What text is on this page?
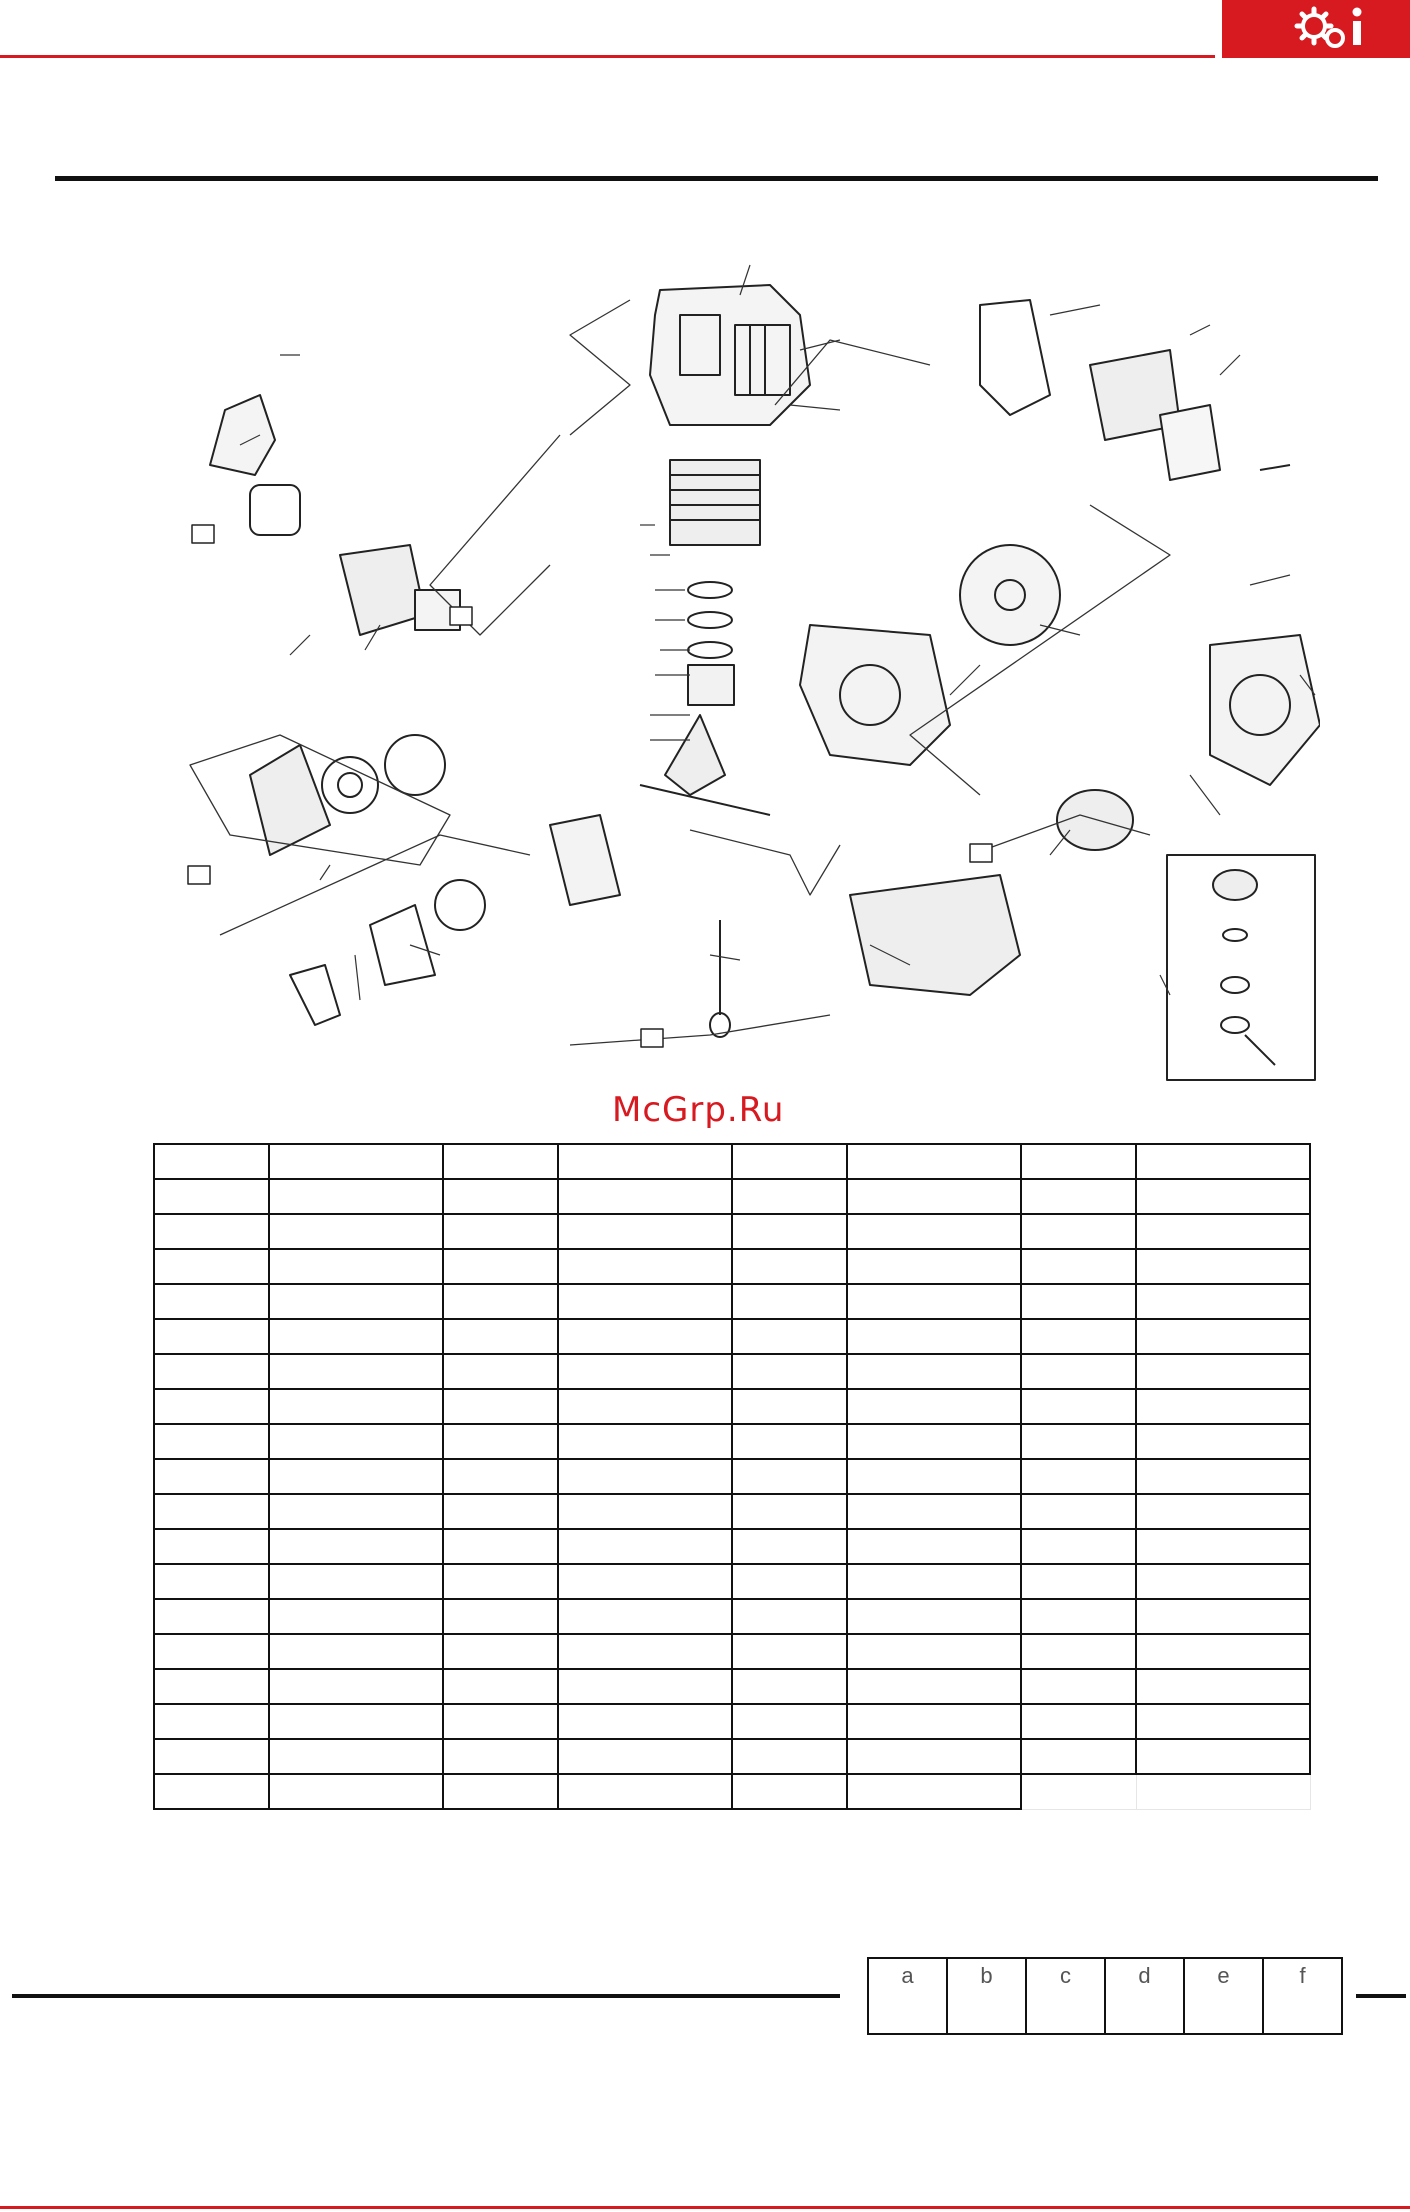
McGrp.Ru

a	b	c	d	e	f
